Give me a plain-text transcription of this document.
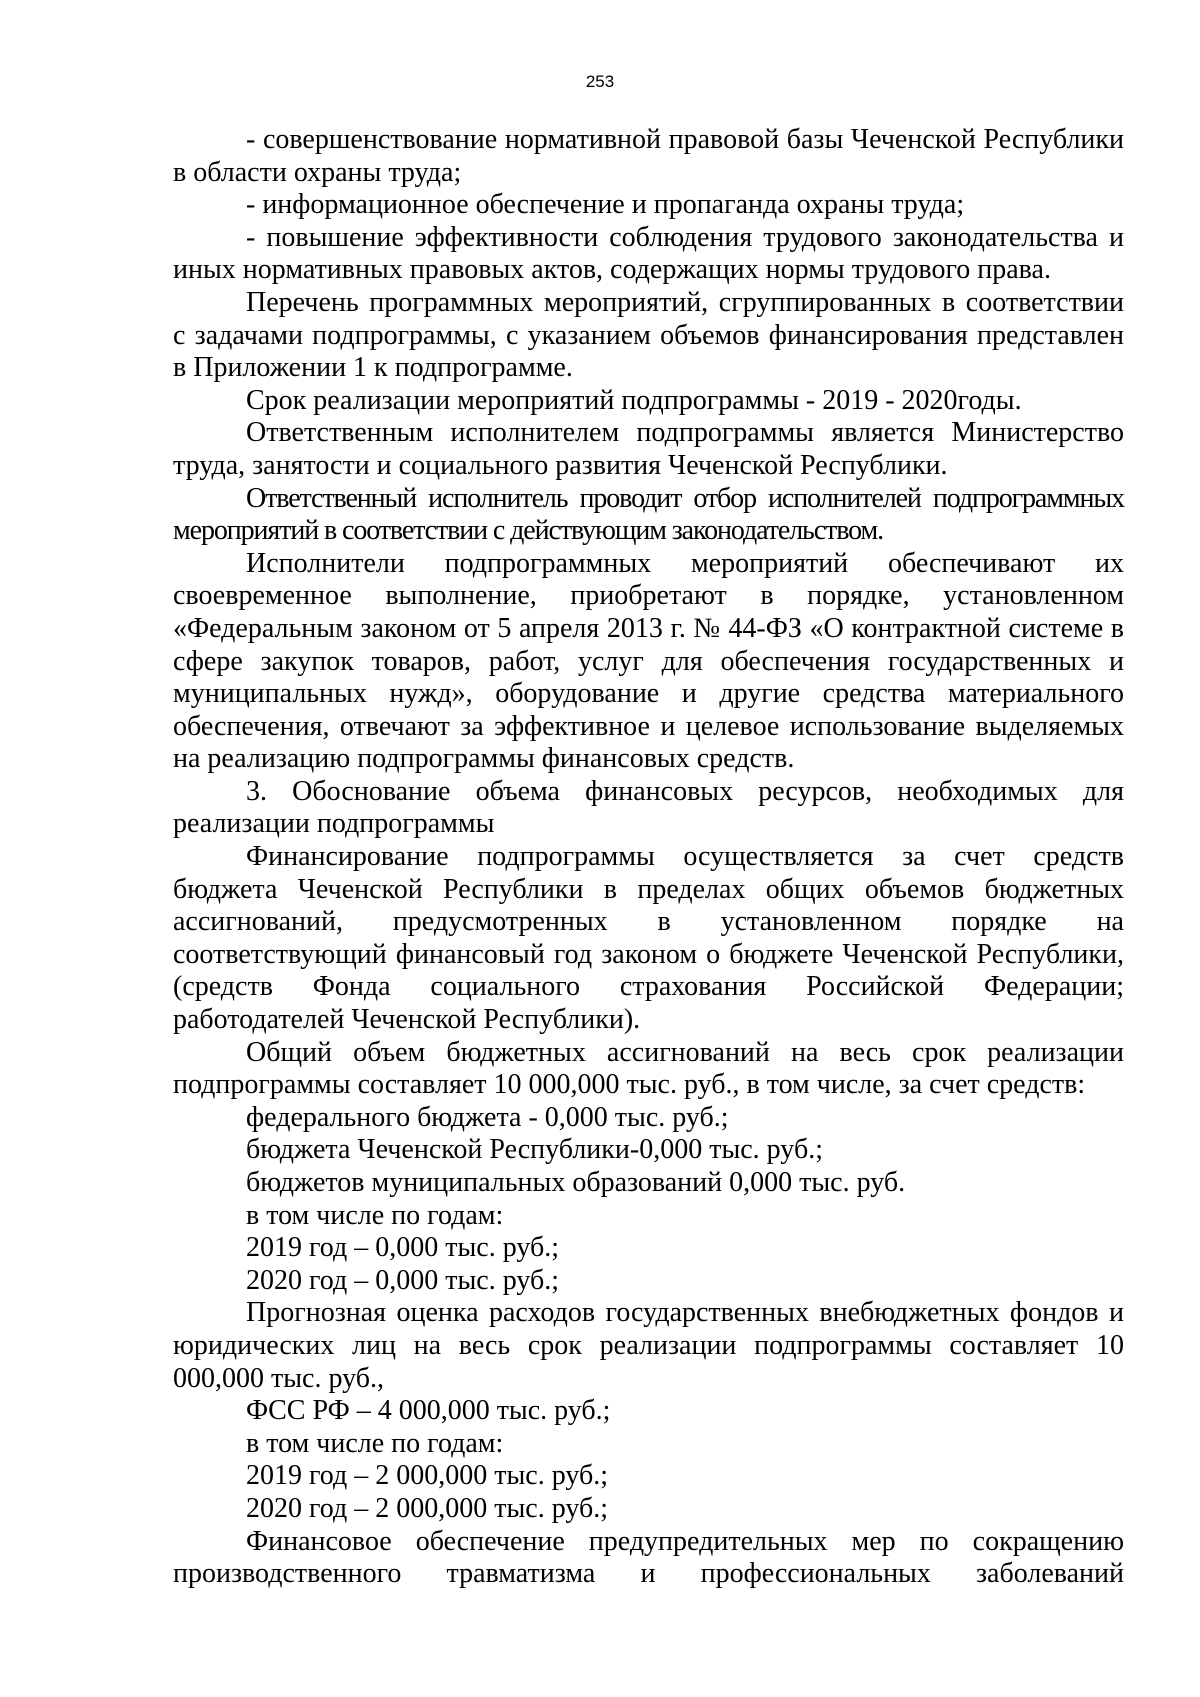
253

- совершенствование нормативной правовой базы Чеченской Республики в области охраны труда;

- информационное обеспечение и пропаганда охраны труда;

- повышение эффективности соблюдения трудового законодательства и иных нормативных правовых актов, содержащих нормы трудового права.

Перечень программных мероприятий, сгруппированных в соответствии с задачами подпрограммы, с указанием объемов финансирования представлен в Приложении 1 к подпрограмме.

Срок реализации мероприятий подпрограммы - 2019 - 2020годы.

Ответственным исполнителем подпрограммы является Министерство труда, занятости и социального развития Чеченской Республики.

Ответственный исполнитель проводит отбор исполнителей подпрограммных мероприятий в соответствии с действующим законодательством.

Исполнители подпрограммных мероприятий обеспечивают их своевременное выполнение, приобретают в порядке, установленном «Федеральным законом от 5 апреля 2013 г. № 44-ФЗ «О контрактной системе в сфере закупок товаров, работ, услуг для обеспечения государственных и муниципальных нужд», оборудование и другие средства материального обеспечения, отвечают за эффективное и целевое использование выделяемых на реализацию подпрограммы финансовых средств.

3. Обоснование объема финансовых ресурсов, необходимых для реализации подпрограммы

Финансирование подпрограммы осуществляется за счет средств бюджета Чеченской Республики в пределах общих объемов бюджетных ассигнований, предусмотренных в установленном порядке на соответствующий финансовый год законом о бюджете Чеченской Республики, (средств Фонда социального страхования Российской Федерации; работодателей Чеченской Республики).

Общий объем бюджетных ассигнований на весь срок реализации подпрограммы составляет 10 000,000 тыс. руб., в том числе, за счет средств:

федерального бюджета - 0,000 тыс. руб.;

бюджета Чеченской Республики-0,000 тыс. руб.;

бюджетов муниципальных образований 0,000 тыс. руб.

в том числе по годам:

2019 год – 0,000 тыс. руб.;

2020 год – 0,000 тыс. руб.;

Прогнозная оценка расходов государственных внебюджетных фондов и юридических лиц на весь срок реализации подпрограммы составляет 10 000,000 тыс. руб.,

ФСС РФ – 4 000,000 тыс. руб.;

в том числе по годам:

2019 год – 2 000,000 тыс. руб.;

2020 год – 2 000,000 тыс. руб.;

Финансовое обеспечение предупредительных мер по сокращению производственного травматизма и профессиональных заболеваний
